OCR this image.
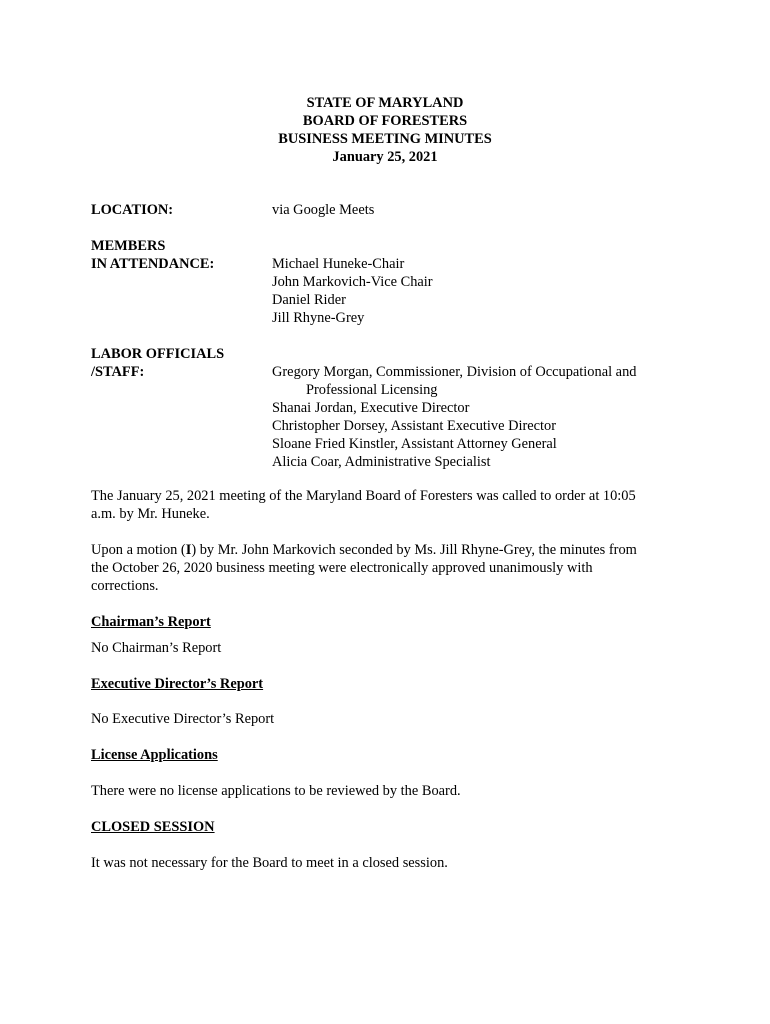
STATE OF MARYLAND
BOARD OF FORESTERS
BUSINESS MEETING MINUTES
January 25, 2021
LOCATION:	via Google Meets
MEMBERS
IN ATTENDANCE:	Michael Huneke-Chair
John Markovich-Vice Chair
Daniel Rider
Jill Rhyne-Grey
LABOR OFFICIALS
/STAFF:	Gregory Morgan, Commissioner, Division of Occupational and
Professional Licensing
Shanai Jordan, Executive Director
Christopher Dorsey, Assistant Executive Director
Sloane Fried Kinstler, Assistant Attorney General
Alicia Coar, Administrative Specialist
The January 25, 2021 meeting of the Maryland Board of Foresters was called to order at 10:05
a.m. by Mr. Huneke.
Upon a motion (I) by Mr. John Markovich seconded by Ms. Jill Rhyne-Grey, the minutes from
the October 26, 2020 business meeting were electronically approved unanimously with
corrections.
Chairman’s Report
No Chairman’s Report
Executive Director’s Report
No Executive Director’s Report
License Applications
There were no license applications to be reviewed by the Board.
CLOSED SESSION
It was not necessary for the Board to meet in a closed session.
